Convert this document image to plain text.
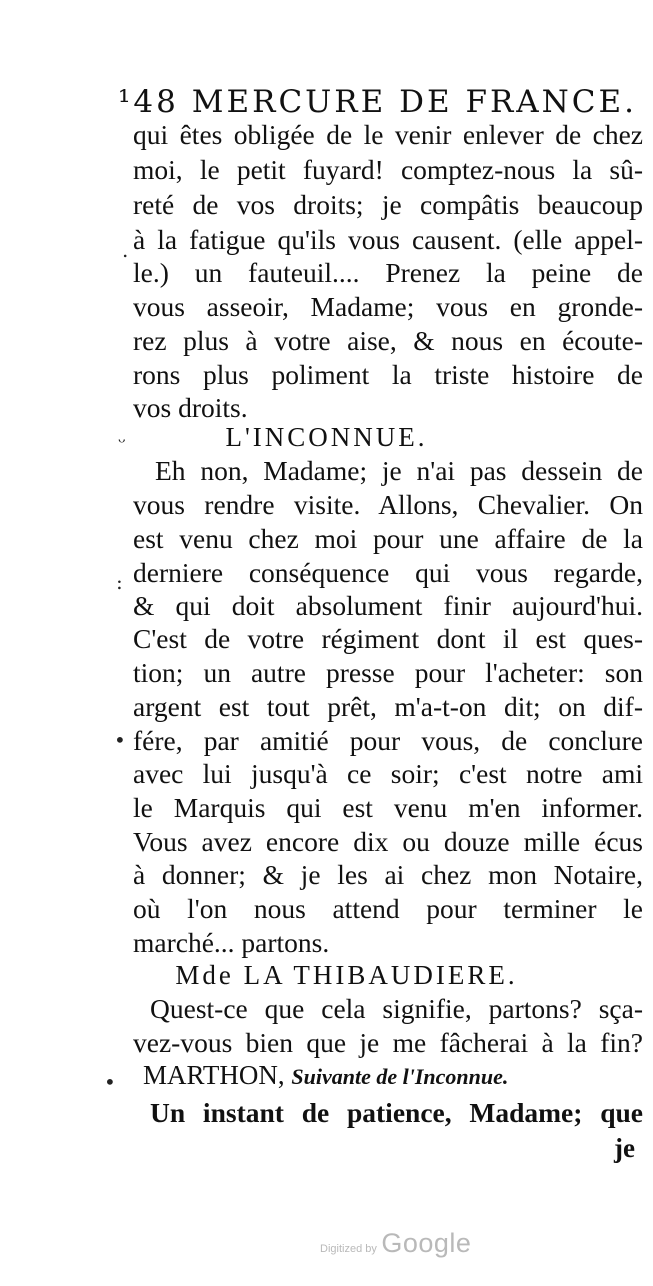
¹48 MERCURE DE FRANCE.
qui êtes obligée de le venir enlever de chez
moi, le petit fuyard! comptez-nous la sû-
reté de vos droits; je compâtis beaucoup
à la fatigue qu'ils vous causent. (elle appel-
le.) un fauteuil.... Prenez la peine de
vous asseoir, Madame; vous en gronde-
rez plus à votre aise, & nous en écoute-
rons plus poliment la triste histoire de
vos droits.
L'INCONNUE.
Eh non, Madame; je n'ai pas dessein de
vous rendre visite. Allons, Chevalier. On
est venu chez moi pour une affaire de la
derniere conséquence qui vous regarde,
& qui doit absolument finir aujourd'hui.
C'est de votre régiment dont il est ques-
tion; un autre presse pour l'acheter: son
argent est tout prêt, m'a-t-on dit; on dif-
fére, par amitié pour vous, de conclure
avec lui jusqu'à ce soir; c'est notre ami
le Marquis qui est venu m'en informer.
Vous avez encore dix ou douze mille écus
à donner; & je les ai chez mon Notaire,
où l'on nous attend pour terminer le
marché... partons.
Mde LA THIBAUDIERE.
Quest-ce que cela signifie, partons? sça-
vez-vous bien que je me fâcherai à la fin?
MARTHON, Suivante de l'Inconnue.
Un instant de patience, Madame; que
je
.
ᵕ
:
•
•
Digitized by Google
